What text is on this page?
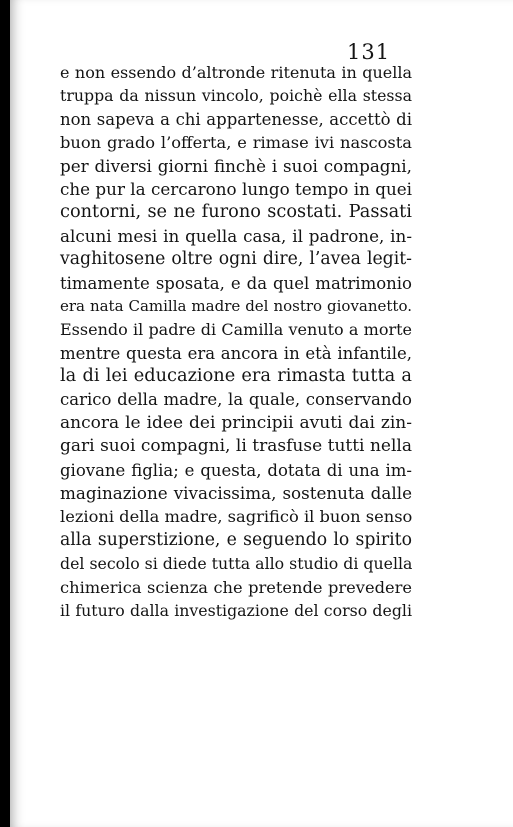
131
e non essendo d’altronde ritenuta in quella
truppa da nissun vincolo, poichè ella stessa
non sapeva a chi appartenesse, accettò di
buon grado l’offerta, e rimase ivi nascosta
per diversi giorni finchè i suoi compagni,
che pur la cercarono lungo tempo in quei
contorni, se ne furono scostati. Passati
alcuni mesi in quella casa, il padrone, in-
vaghitosene oltre ogni dire, l’avea legit-
timamente sposata, e da quel matrimonio
era nata Camilla madre del nostro giovanetto.
Essendo il padre di Camilla venuto a morte
mentre questa era ancora in età infantile,
la di lei educazione era rimasta tutta a
carico della madre, la quale, conservando
ancora le idee dei principii avuti dai zin-
gari suoi compagni, li trasfuse tutti nella
giovane figlia; e questa, dotata di una im-
maginazione vivacissima, sostenuta dalle
lezioni della madre, sagrificò il buon senso
alla superstizione, e seguendo lo spirito
del secolo si diede tutta allo studio di quella
chimerica scienza che pretende prevedere
il futuro dalla investigazione del corso degli
